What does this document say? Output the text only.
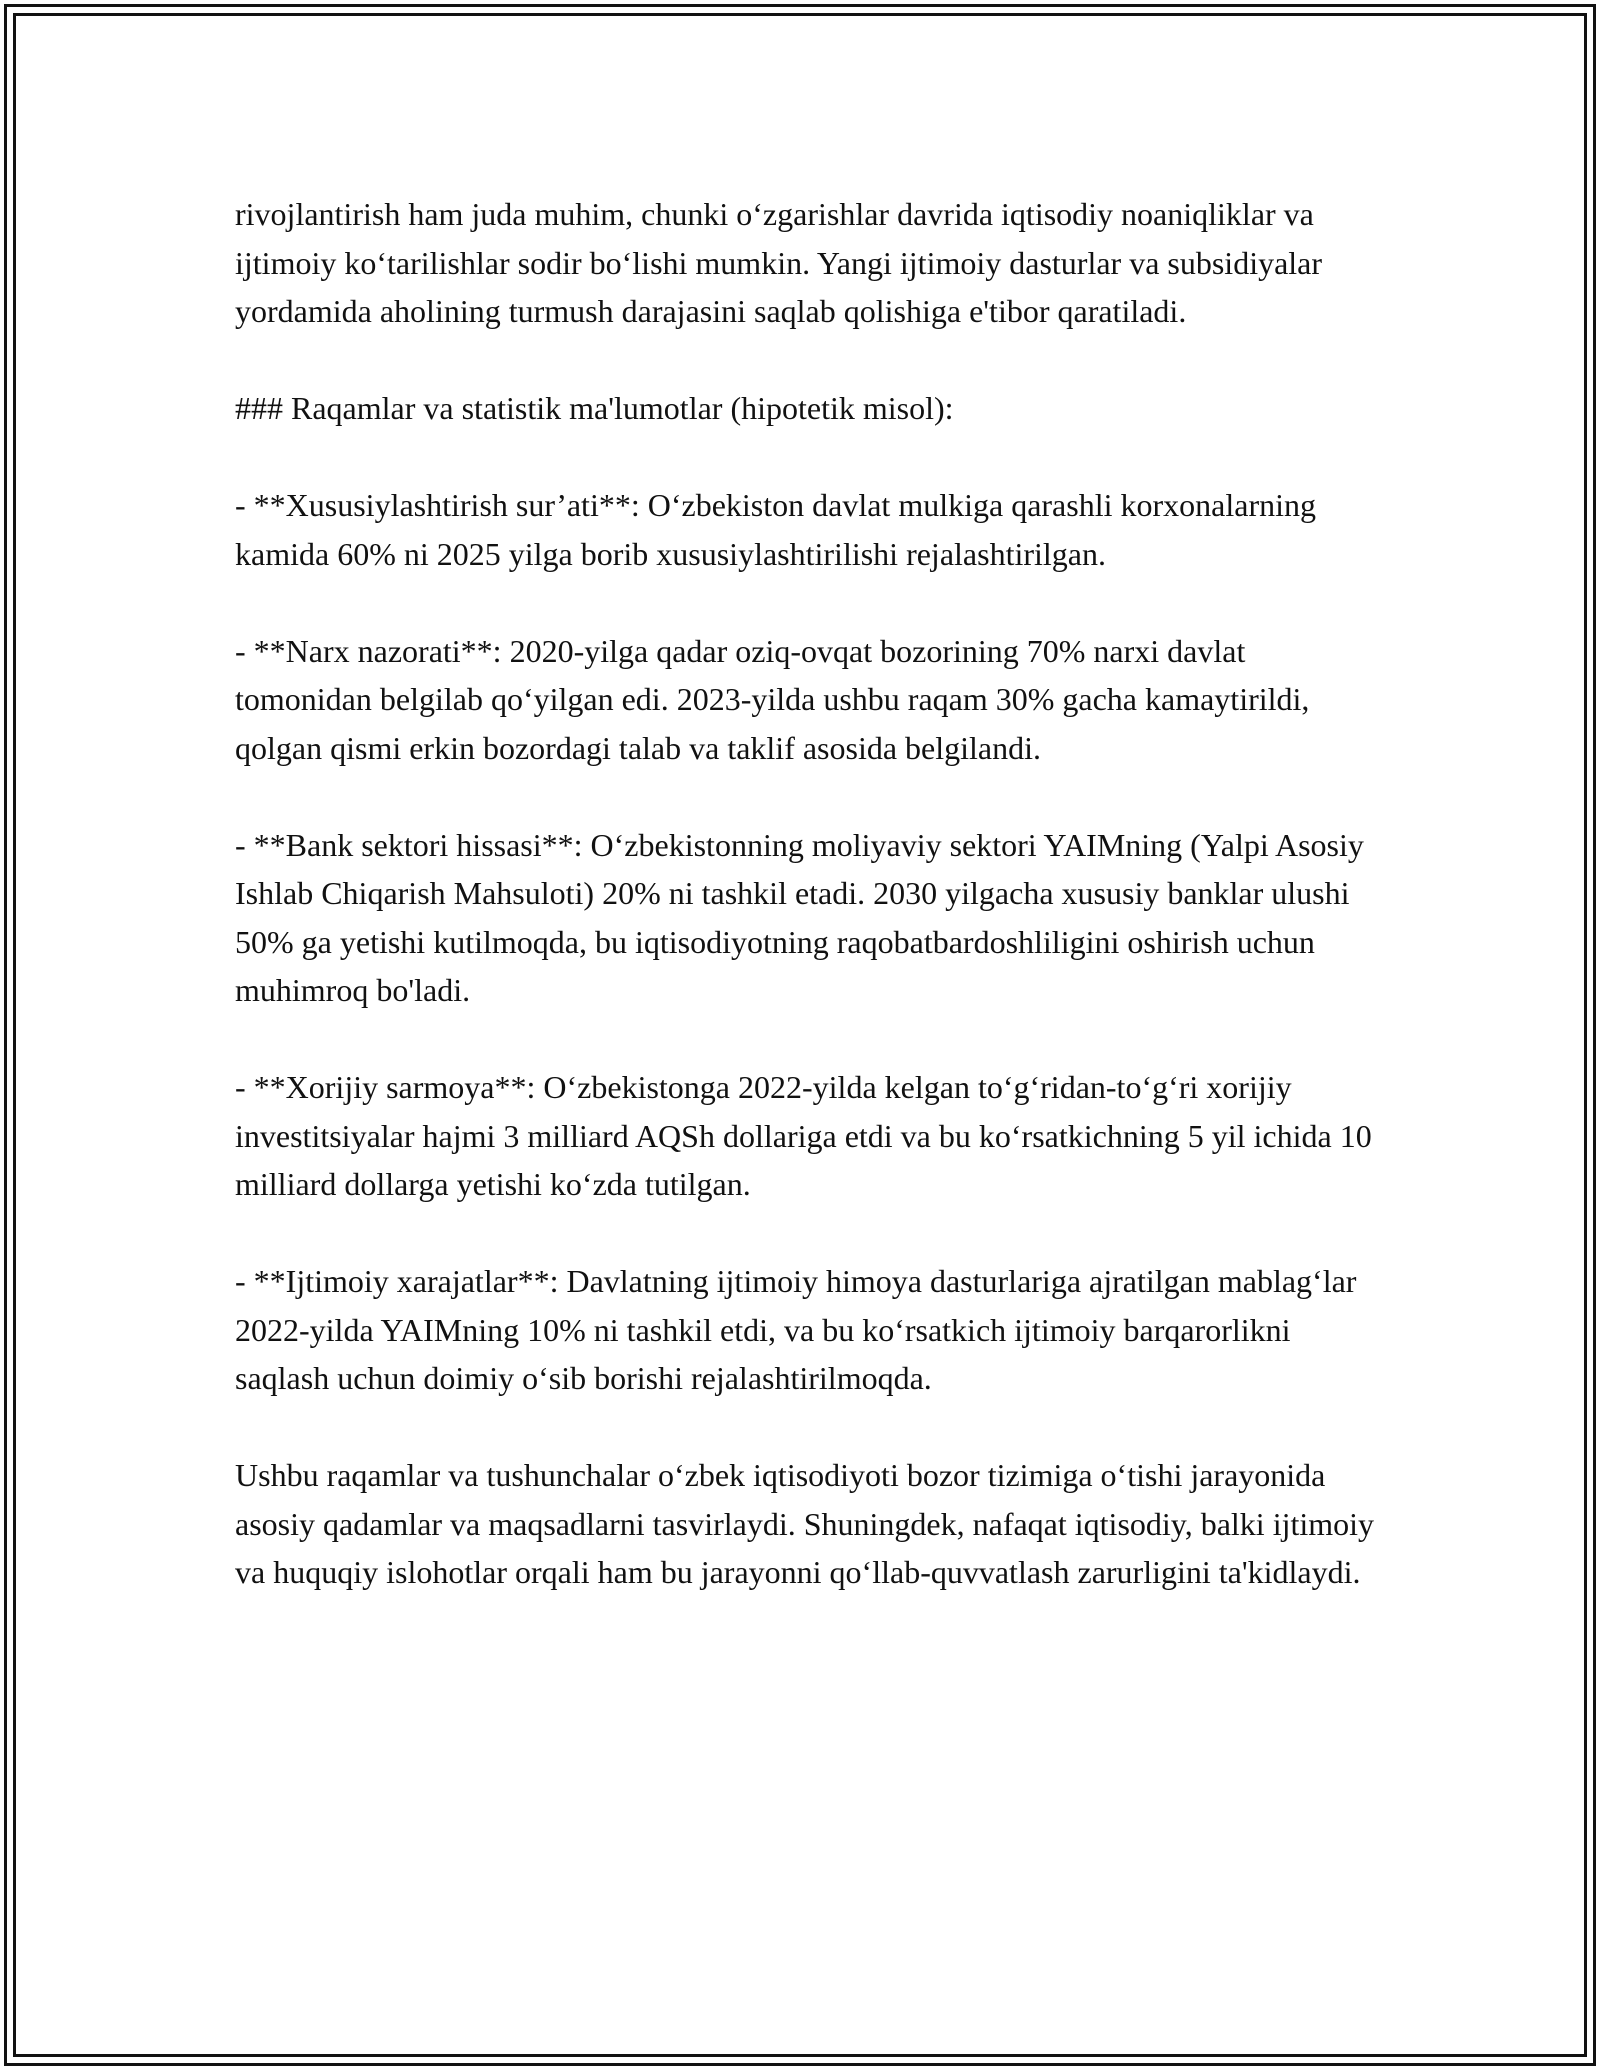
rivojlantirish ham juda muhim, chunki o‘zgarishlar davrida iqtisodiy noaniqliklar va ijtimoiy ko‘tarilishlar sodir bo‘lishi mumkin. Yangi ijtimoiy dasturlar va subsidiyalar yordamida aholining turmush darajasini saqlab qolishiga e'tibor qaratiladi.

### Raqamlar va statistik ma'lumotlar (hipotetik misol):

- **Xususiylashtirish sur’ati**: O‘zbekiston davlat mulkiga qarashli korxonalarning kamida 60% ni 2025 yilga borib xususiylashtirilishi rejalashtirilgan.

- **Narx nazorati**: 2020-yilga qadar oziq-ovqat bozorining 70% narxi davlat tomonidan belgilab qo‘yilgan edi. 2023-yilda ushbu raqam 30% gacha kamaytirildi, qolgan qismi erkin bozordagi talab va taklif asosida belgilandi.

- **Bank sektori hissasi**: O‘zbekistonning moliyaviy sektori YAIMning (Yalpi Asosiy Ishlab Chiqarish Mahsuloti) 20% ni tashkil etadi. 2030 yilgacha xususiy banklar ulushi 50% ga yetishi kutilmoqda, bu iqtisodiyotning raqobatbardoshliligini oshirish uchun muhimroq bo'ladi.

- **Xorijiy sarmoya**: O‘zbekistonga 2022-yilda kelgan to‘g‘ridan-to‘g‘ri xorijiy investitsiyalar hajmi 3 milliard AQSh dollariga etdi va bu ko‘rsatkichning 5 yil ichida 10 milliard dollarga yetishi ko‘zda tutilgan.

- **Ijtimoiy xarajatlar**: Davlatning ijtimoiy himoya dasturlariga ajratilgan mablag‘lar 2022-yilda YAIMning 10% ni tashkil etdi, va bu ko‘rsatkich ijtimoiy barqarorlikni saqlash uchun doimiy o‘sib borishi rejalashtirilmoqda.

Ushbu raqamlar va tushunchalar o‘zbek iqtisodiyoti bozor tizimiga o‘tishi jarayonida asosiy qadamlar va maqsadlarni tasvirlaydi. Shuningdek, nafaqat iqtisodiy, balki ijtimoiy va huquqiy islohotlar orqali ham bu jarayonni qo‘llab-quvvatlash zarurligini ta'kidlaydi.
